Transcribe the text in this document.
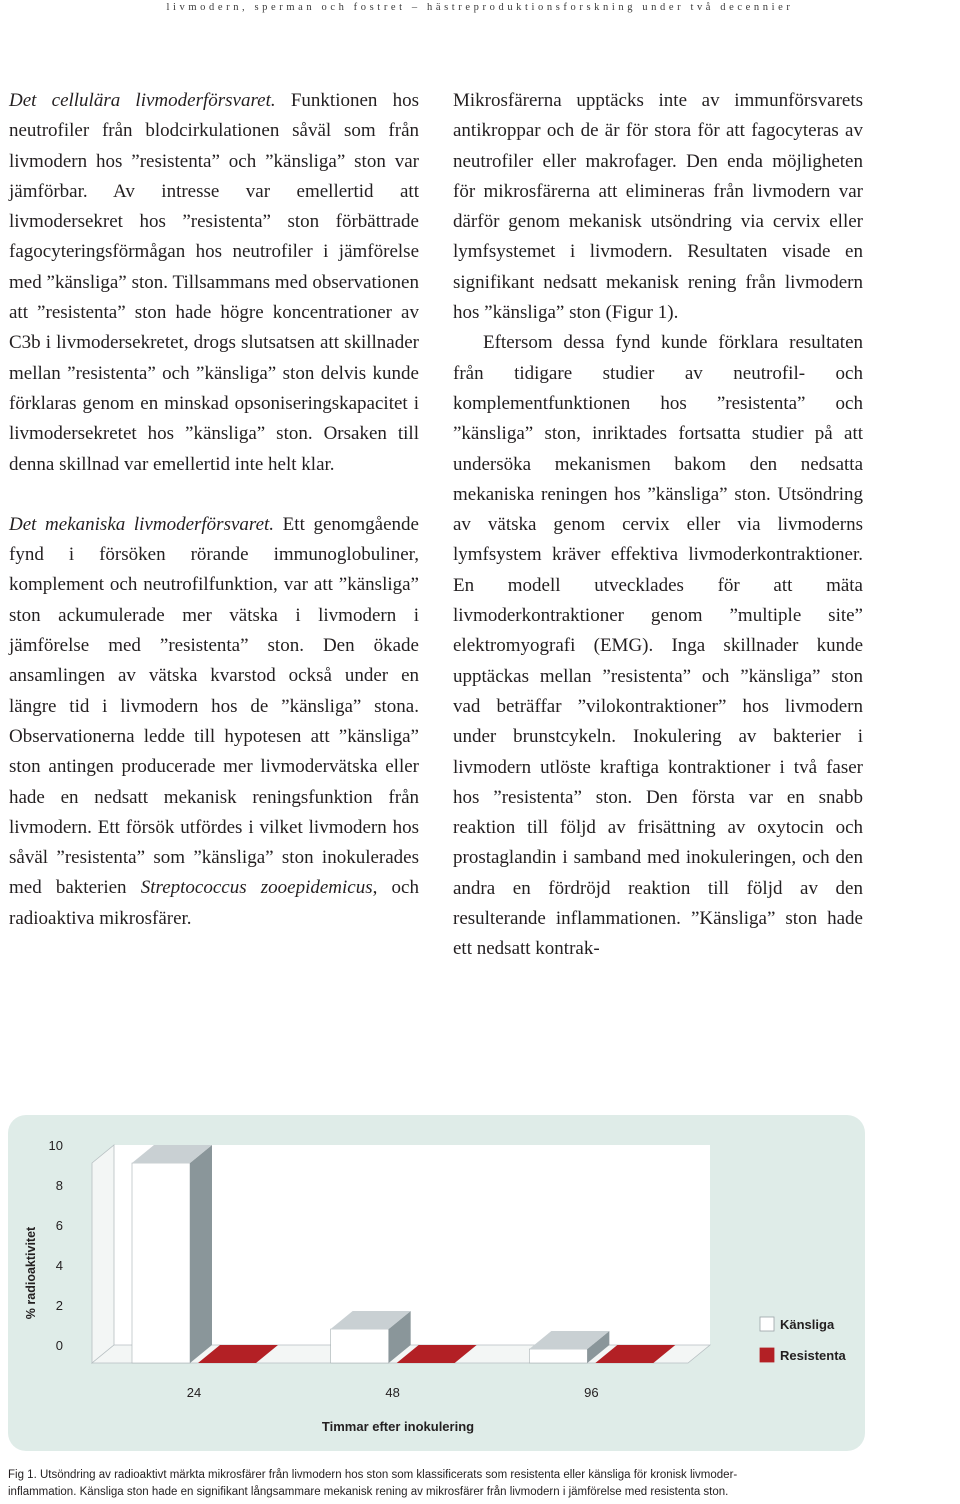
livmodern, sperman och fostret – hästreproduktionsforskning under två decennier

Det cellulära livmoderförsvaret. Funktionen hos neutrofiler från blodcirkulationen såväl som från livmodern hos ”resistenta” och ”känsliga” ston var jämförbar. Av intresse var emellertid att livmodersekret hos ”resistenta” ston förbättrade fagocyteringsförmågan hos neutrofiler i jämförelse med ”känsliga” ston. Tillsammans med observationen att ”resistenta” ston hade högre koncentrationer av C3b i livmodersekretet, drogs slutsatsen att skillnader mellan ”resistenta” och ”känsliga” ston delvis kunde förklaras genom en minskad opsoniseringskapacitet i livmodersekretet hos ”känsliga” ston. Orsaken till denna skillnad var emellertid inte helt klar.

Det mekaniska livmoderförsvaret. Ett genomgående fynd i försöken rörande immunoglobuliner, komplement och neutrofilfunktion, var att ”känsliga” ston ackumulerade mer vätska i livmodern i jämförelse med ”resistenta” ston. Den ökade ansamlingen av vätska kvarstod också under en längre tid i livmodern hos de ”känsliga” stona. Observationerna ledde till hypotesen att ”känsliga” ston antingen producerade mer livmodervätska eller hade en nedsatt mekanisk reningsfunktion från livmodern. Ett försök utfördes i vilket livmodern hos såväl ”resistenta” som ”känsliga” ston inokulerades med bakterien Streptococcus zooepidemicus, och radioaktiva mikrosfärer.

Mikrosfärerna upptäcks inte av immunförsvarets antikroppar och de är för stora för att fagocyteras av neutrofiler eller makrofager. Den enda möjligheten för mikrosfärerna att elimineras från livmodern var därför genom mekanisk utsöndring via cervix eller lymfsystemet i livmodern. Resultaten visade en signifikant nedsatt mekanisk rening från livmodern hos ”känsliga” ston (Figur 1).

Eftersom dessa fynd kunde förklara resultaten från tidigare studier av neutrofil- och komplementfunktionen hos ”resistenta” och ”känsliga” ston, inriktades fortsatta studier på att undersöka mekanismen bakom den nedsatta mekaniska reningen hos ”känsliga” ston. Utsöndring av vätska genom cervix eller via livmoderns lymfsystem kräver effektiva livmoderkontraktioner. En modell utvecklades för att mäta livmoderkontraktioner genom ”multiple site” elektromyografi (EMG). Inga skillnader kunde upptäckas mellan ”resistenta” och ”känsliga” ston vad beträffar ”vilokontraktioner” hos livmodern under brunstcykeln. Inokulering av bakterier i livmodern utlöste kraftiga kontraktioner i två faser hos ”resistenta” ston. Den första var en snabb reaktion till följd av frisättning av oxytocin och prostaglandin i samband med inokuleringen, och den andra en fördröjd reaktion till följd av den resulterande inflammationen. ”Känsliga” ston hade ett nedsatt kontrak-

0
2
4
6
8
10
% radioaktivitet
24	48	96
Timmar efter inokulering
Känsliga
Resistenta
Fig 1. Utsöndring av radioaktivt märkta mikrosfärer från livmodern hos ston som klassificerats som resistenta eller känsliga för kronisk livmoder-
inflammation. Känsliga ston hade en signifikant långsammare mekanisk rening av mikrosfärer från livmodern i jämförelse med resistenta ston.
